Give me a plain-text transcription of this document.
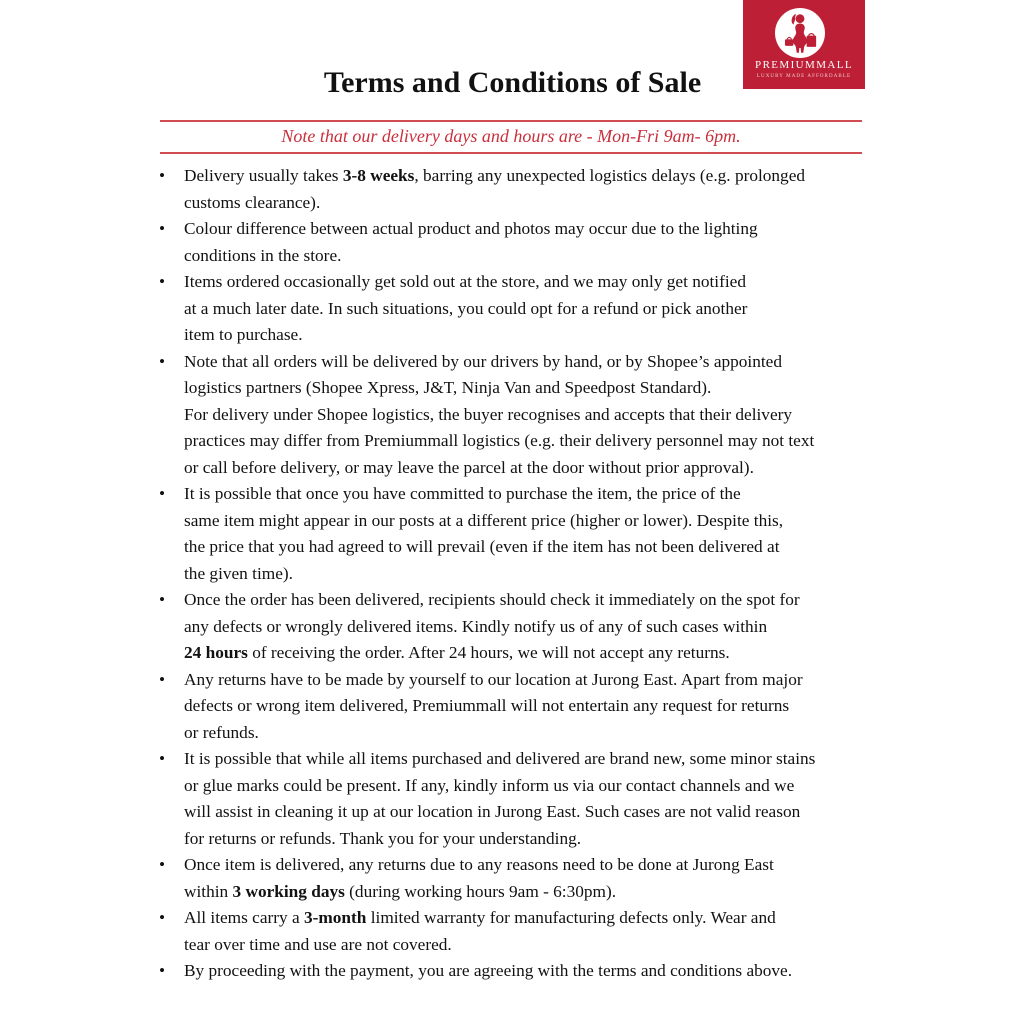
PREMIUMMALL
LUXURY MADE AFFORDABLE
Terms and Conditions of Sale
Note that our delivery days and hours are - Mon-Fri 9am- 6pm.
• Delivery usually takes 3-8 weeks, barring any unexpected logistics delays (e.g. prolonged
customs clearance).
• Colour difference between actual product and photos may occur due to the lighting
conditions in the store.
• Items ordered occasionally get sold out at the store, and we may only get notified
at a much later date. In such situations, you could opt for a refund or pick another
item to purchase.
• Note that all orders will be delivered by our drivers by hand, or by Shopee’s appointed
logistics partners (Shopee Xpress, J&T, Ninja Van and Speedpost Standard).
For delivery under Shopee logistics, the buyer recognises and accepts that their delivery
practices may differ from Premiummall logistics (e.g. their delivery personnel may not text
or call before delivery, or may leave the parcel at the door without prior approval).
• It is possible that once you have committed to purchase the item, the price of the
same item might appear in our posts at a different price (higher or lower). Despite this,
the price that you had agreed to will prevail (even if the item has not been delivered at
the given time).
• Once the order has been delivered, recipients should check it immediately on the spot for
any defects or wrongly delivered items. Kindly notify us of any of such cases within
24 hours of receiving the order. After 24 hours, we will not accept any returns.
• Any returns have to be made by yourself to our location at Jurong East. Apart from major
defects or wrong item delivered, Premiummall will not entertain any request for returns
or refunds.
• It is possible that while all items purchased and delivered are brand new, some minor stains
or glue marks could be present. If any, kindly inform us via our contact channels and we
will assist in cleaning it up at our location in Jurong East. Such cases are not valid reason
for returns or refunds. Thank you for your understanding.
• Once item is delivered, any returns due to any reasons need to be done at Jurong East
within 3 working days (during working hours 9am - 6:30pm).
• All items carry a 3-month limited warranty for manufacturing defects only. Wear and
tear over time and use are not covered.
• By proceeding with the payment, you are agreeing with the terms and conditions above.
